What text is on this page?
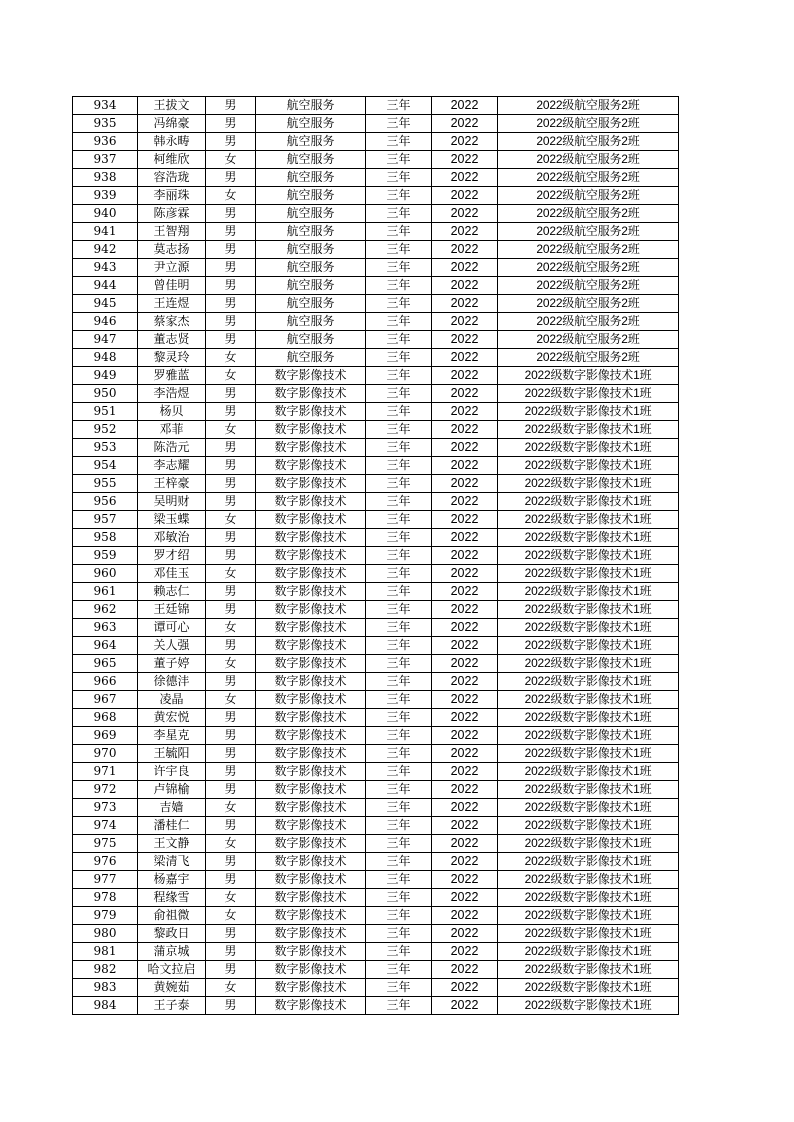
934	王拔文	男	航空服务	三年	2022	2022级航空服务2班
935	冯绵豪	男	航空服务	三年	2022	2022级航空服务2班
936	韩永畴	男	航空服务	三年	2022	2022级航空服务2班
937	柯维欣	女	航空服务	三年	2022	2022级航空服务2班
938	容浩珑	男	航空服务	三年	2022	2022级航空服务2班
939	李丽珠	女	航空服务	三年	2022	2022级航空服务2班
940	陈彦霖	男	航空服务	三年	2022	2022级航空服务2班
941	王智翔	男	航空服务	三年	2022	2022级航空服务2班
942	莫志扬	男	航空服务	三年	2022	2022级航空服务2班
943	尹立源	男	航空服务	三年	2022	2022级航空服务2班
944	曾佳明	男	航空服务	三年	2022	2022级航空服务2班
945	王连煜	男	航空服务	三年	2022	2022级航空服务2班
946	蔡家杰	男	航空服务	三年	2022	2022级航空服务2班
947	董志贤	男	航空服务	三年	2022	2022级航空服务2班
948	黎灵玲	女	航空服务	三年	2022	2022级航空服务2班
949	罗雅蓝	女	数字影像技术	三年	2022	2022级数字影像技术1班
950	李浩煜	男	数字影像技术	三年	2022	2022级数字影像技术1班
951	杨贝	男	数字影像技术	三年	2022	2022级数字影像技术1班
952	邓菲	女	数字影像技术	三年	2022	2022级数字影像技术1班
953	陈浩元	男	数字影像技术	三年	2022	2022级数字影像技术1班
954	李志耀	男	数字影像技术	三年	2022	2022级数字影像技术1班
955	王梓豪	男	数字影像技术	三年	2022	2022级数字影像技术1班
956	吴明财	男	数字影像技术	三年	2022	2022级数字影像技术1班
957	梁玉蝶	女	数字影像技术	三年	2022	2022级数字影像技术1班
958	邓敏治	男	数字影像技术	三年	2022	2022级数字影像技术1班
959	罗才绍	男	数字影像技术	三年	2022	2022级数字影像技术1班
960	邓佳玉	女	数字影像技术	三年	2022	2022级数字影像技术1班
961	赖志仁	男	数字影像技术	三年	2022	2022级数字影像技术1班
962	王廷锦	男	数字影像技术	三年	2022	2022级数字影像技术1班
963	谭可心	女	数字影像技术	三年	2022	2022级数字影像技术1班
964	关人强	男	数字影像技术	三年	2022	2022级数字影像技术1班
965	董子婷	女	数字影像技术	三年	2022	2022级数字影像技术1班
966	徐德沣	男	数字影像技术	三年	2022	2022级数字影像技术1班
967	凌晶	女	数字影像技术	三年	2022	2022级数字影像技术1班
968	黄宏悦	男	数字影像技术	三年	2022	2022级数字影像技术1班
969	李星克	男	数字影像技术	三年	2022	2022级数字影像技术1班
970	王毓阳	男	数字影像技术	三年	2022	2022级数字影像技术1班
971	许宇良	男	数字影像技术	三年	2022	2022级数字影像技术1班
972	卢锦榆	男	数字影像技术	三年	2022	2022级数字影像技术1班
973	吉嫱	女	数字影像技术	三年	2022	2022级数字影像技术1班
974	潘桂仁	男	数字影像技术	三年	2022	2022级数字影像技术1班
975	王文静	女	数字影像技术	三年	2022	2022级数字影像技术1班
976	梁清飞	男	数字影像技术	三年	2022	2022级数字影像技术1班
977	杨嘉宇	男	数字影像技术	三年	2022	2022级数字影像技术1班
978	程缘雪	女	数字影像技术	三年	2022	2022级数字影像技术1班
979	俞祖微	女	数字影像技术	三年	2022	2022级数字影像技术1班
980	黎政日	男	数字影像技术	三年	2022	2022级数字影像技术1班
981	蒲京城	男	数字影像技术	三年	2022	2022级数字影像技术1班
982	哈文拉启	男	数字影像技术	三年	2022	2022级数字影像技术1班
983	黄婉茹	女	数字影像技术	三年	2022	2022级数字影像技术1班
984	王子泰	男	数字影像技术	三年	2022	2022级数字影像技术1班
